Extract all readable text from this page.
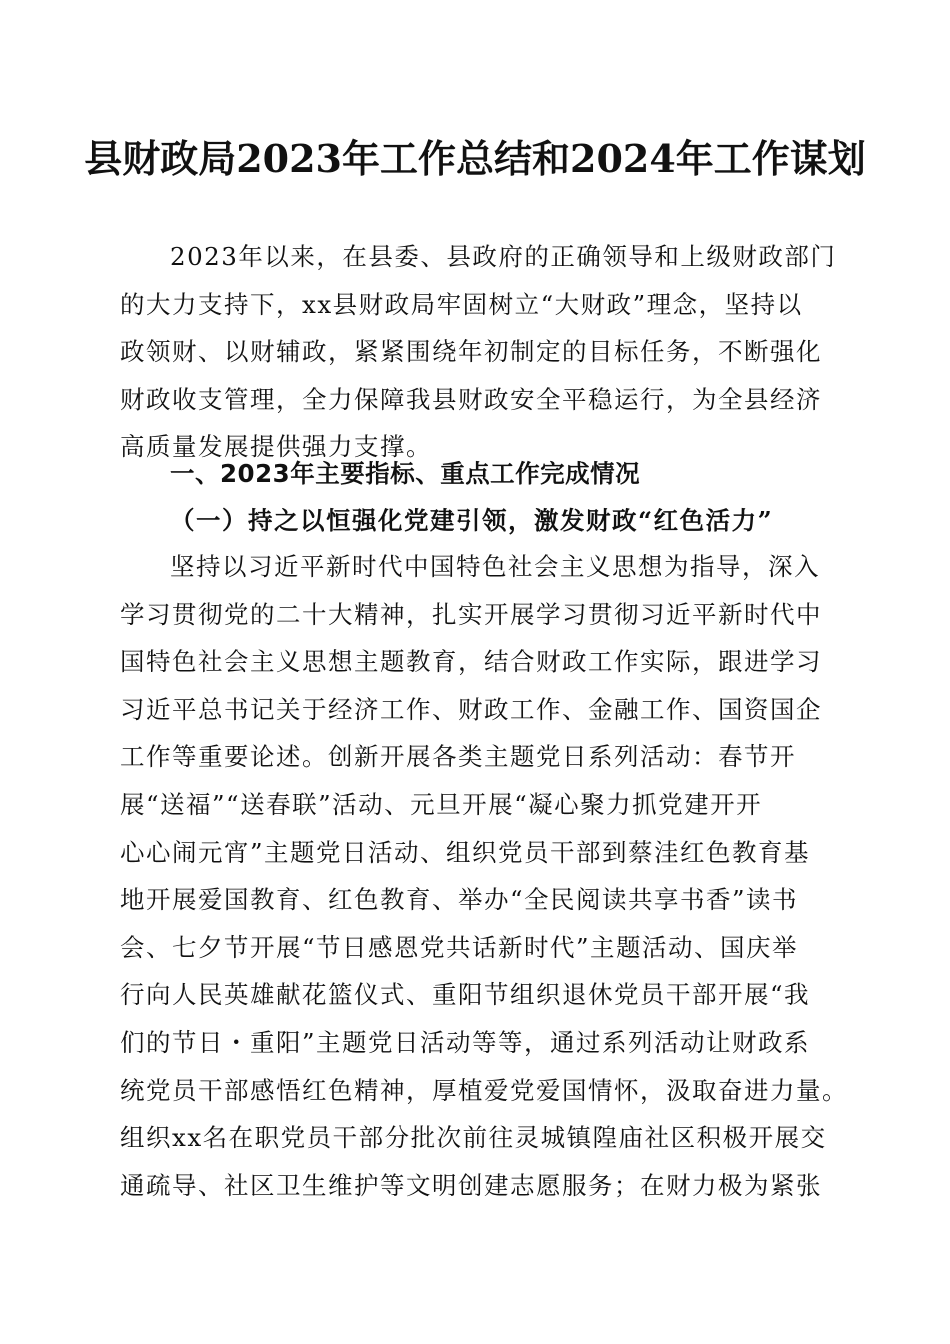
县财政局2023年工作总结和2024年工作谋划
2023年以来，在县委、县政府的正确领导和上级财政部门
的大力支持下，xx县财政局牢固树立“大财政”理念，坚持以
政领财、以财辅政，紧紧围绕年初制定的目标任务，不断强化
财政收支管理，全力保障我县财政安全平稳运行，为全县经济
高质量发展提供强力支撑。
一、2023年主要指标、重点工作完成情况
（一）持之以恒强化党建引领，激发财政“红色活力”
坚持以习近平新时代中国特色社会主义思想为指导，深入
学习贯彻党的二十大精神，扎实开展学习贯彻习近平新时代中
国特色社会主义思想主题教育，结合财政工作实际，跟进学习
习近平总书记关于经济工作、财政工作、金融工作、国资国企
工作等重要论述。创新开展各类主题党日系列活动：春节开
展“送福”“送春联”活动、元旦开展“凝心聚力抓党建开开
心心闹元宵”主题党日活动、组织党员干部到蔡洼红色教育基
地开展爱国教育、红色教育、举办“全民阅读共享书香”读书
会、七夕节开展“节日感恩党共话新时代”主题活动、国庆举
行向人民英雄献花篮仪式、重阳节组织退休党员干部开展“我
们的节日・重阳”主题党日活动等等，通过系列活动让财政系
统党员干部感悟红色精神，厚植爱党爱国情怀，汲取奋进力量。
组织xx名在职党员干部分批次前往灵城镇隍庙社区积极开展交
通疏导、社区卫生维护等文明创建志愿服务；在财力极为紧张
